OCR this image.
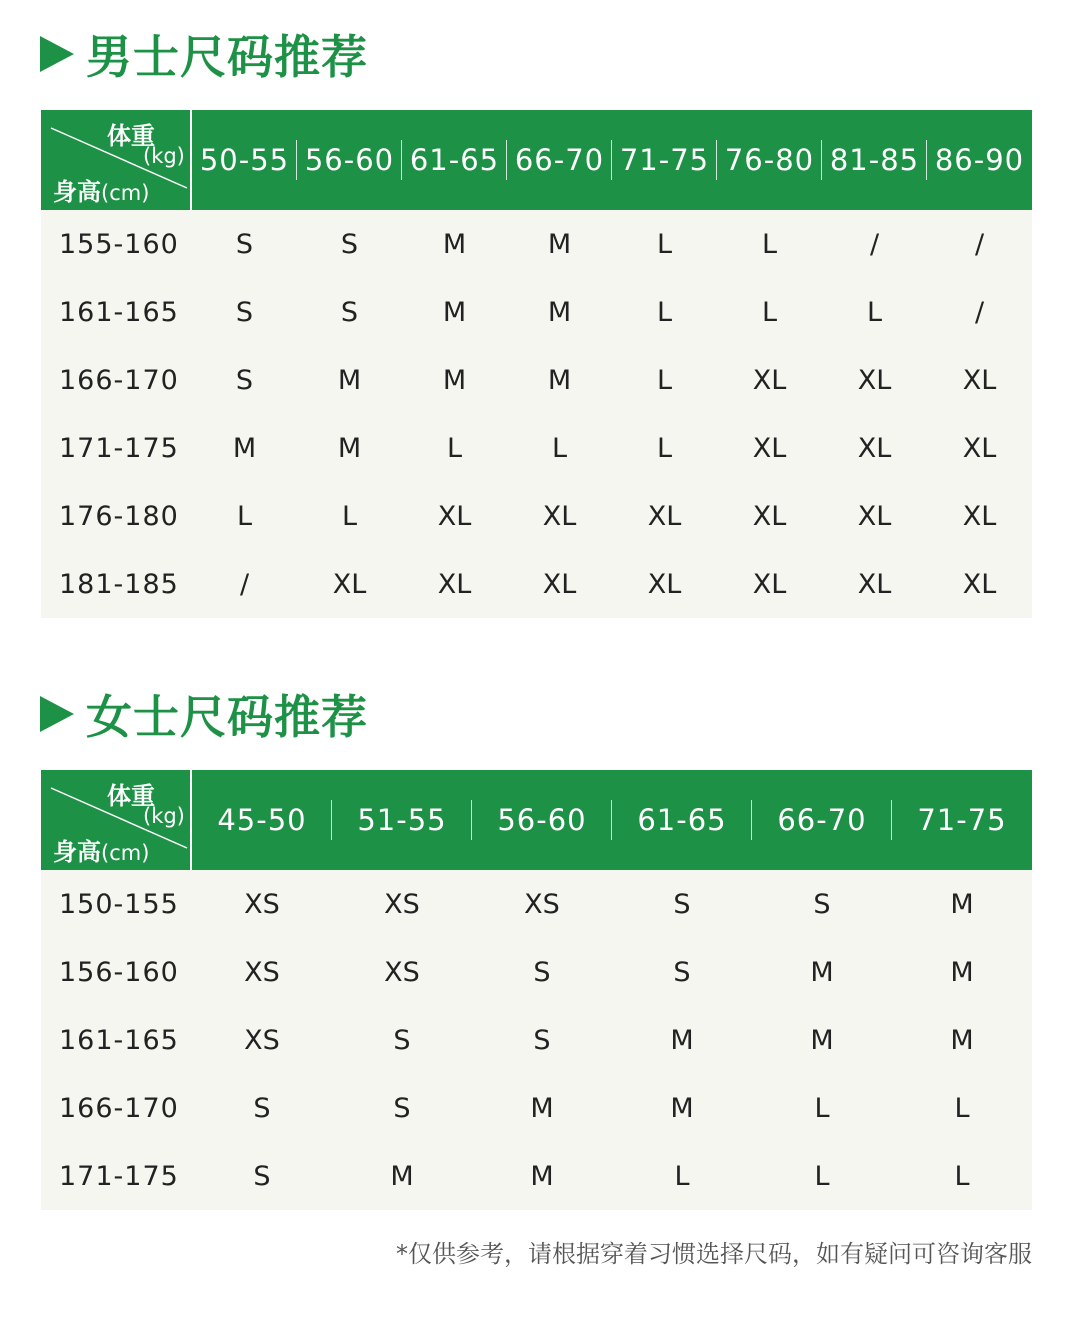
男士尺码推荐
体重
(kg)
身高(cm)
50-55 56-60 61-65 66-70 71-75 76-80 81-85 86-90
155-160	S	S	M	M	L	L	/	/
161-165	S	S	M	M	L	L	L	/
166-170	S	M	M	M	L	XL	XL	XL
171-175	M	M	L	L	L	XL	XL	XL
176-180	L	L	XL	XL	XL	XL	XL	XL
181-185	/	XL	XL	XL	XL	XL	XL	XL
女士尺码推荐
体重
(kg)
身高(cm)
45-50	51-55	56-60	61-65	66-70	71-75
150-155	XS	XS	XS	S	S	M
156-160	XS	XS	S	S	M	M
161-165	XS	S	S	M	M	M
166-170	S	S	M	M	L	L
171-175	S	M	M	L	L	L
*仅供参考，请根据穿着习惯选择尺码，如有疑问可咨询客服
